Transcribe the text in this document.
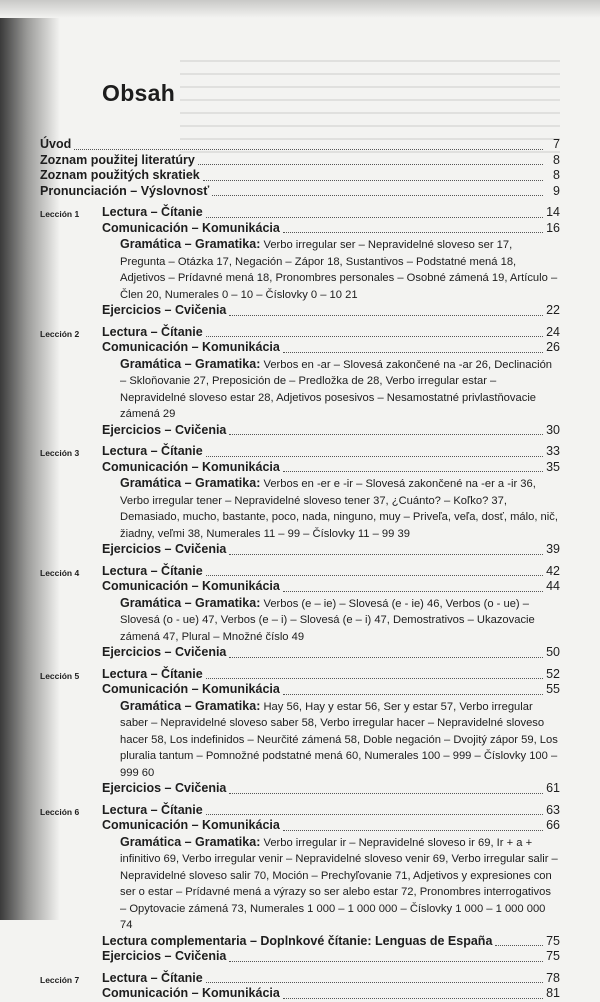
Obsah
Úvod	7
Zoznam použitej literatúry	8
Zoznam použitých skratiek	8
Pronunciación – Výslovnosť	9
Lección 1	Lectura – Čítanie	14
Comunicación – Komunikácia	16
Gramática – Gramatika: Verbo irregular ser – Nepravidelné sloveso ser 17, Pregunta – Otázka 17, Negación – Zápor 18, Sustantivos – Podstatné mená 18, Adjetivos – Prídavné mená 18, Pronombres personales – Osobné zámená 19, Artículo – Člen 20, Numerales 0 – 10 – Číslovky 0 – 10 21
Ejercicios – Cvičenia	22
Lección 2	Lectura – Čítanie	24
Comunicación – Komunikácia	26
Gramática – Gramatika: Verbos en -ar – Slovesá zakončené na -ar 26, Declinación – Skloňovanie 27, Preposición de – Predložka de 28, Verbo irregular estar – Nepravidelné sloveso estar 28, Adjetivos posesivos – Nesamostatné privlastňovacie zámená 29
Ejercicios – Cvičenia	30
Lección 3	Lectura – Čítanie	33
Comunicación – Komunikácia	35
Gramática – Gramatika: Verbos en -er e -ir – Slovesá zakončené na -er a -ir 36, Verbo irregular tener – Nepravidelné sloveso tener 37, ¿Cuánto? – Koľko? 37, Demasiado, mucho, bastante, poco, nada, ninguno, muy – Priveľa, veľa, dosť, málo, nič, žiadny, veľmi 38, Numerales 11 – 99 – Číslovky 11 – 99 39
Ejercicios – Cvičenia	39
Lección 4	Lectura – Čítanie	42
Comunicación – Komunikácia	44
Gramática – Gramatika: Verbos (e – ie) – Slovesá (e - ie) 46, Verbos (o - ue) – Slovesá (o - ue) 47, Verbos (e – i) – Slovesá (e – i) 47, Demostrativos – Ukazovacie zámená 47, Plural – Množné číslo 49
Ejercicios – Cvičenia	50
Lección 5	Lectura – Čítanie	52
Comunicación – Komunikácia	55
Gramática – Gramatika: Hay 56, Hay y estar 56, Ser y estar 57, Verbo irregular saber – Nepravidelné sloveso saber 58, Verbo irregular hacer – Nepravidelné sloveso hacer 58, Los indefinidos – Neurčité zámená 58, Doble negación – Dvojitý zápor 59, Los pluralia tantum – Pomnožné podstatné mená 60, Numerales 100 – 999 – Číslovky 100 – 999 60
Ejercicios – Cvičenia	61
Lección 6	Lectura – Čítanie	63
Comunicación – Komunikácia	66
Gramática – Gramatika: Verbo irregular ir – Nepravidelné sloveso ir 69, Ir + a + infinitivo 69, Verbo irregular venir – Nepravidelné sloveso venir 69, Verbo irregular salir – Nepravidelné sloveso salir 70, Moción – Prechyľovanie 71, Adjetivos y expresiones con ser o estar – Prídavné mená a výrazy so ser alebo estar 72, Pronombres interrogativos – Opytovacie zámená 73, Numerales 1 000 – 1 000 000 – Číslovky 1 000 – 1 000 000 74
Lectura complementaria – Doplnkové čítanie: Lenguas de España	75
Ejercicios – Cvičenia	75
Lección 7	Lectura – Čítanie	78
Comunicación – Komunikácia	81
